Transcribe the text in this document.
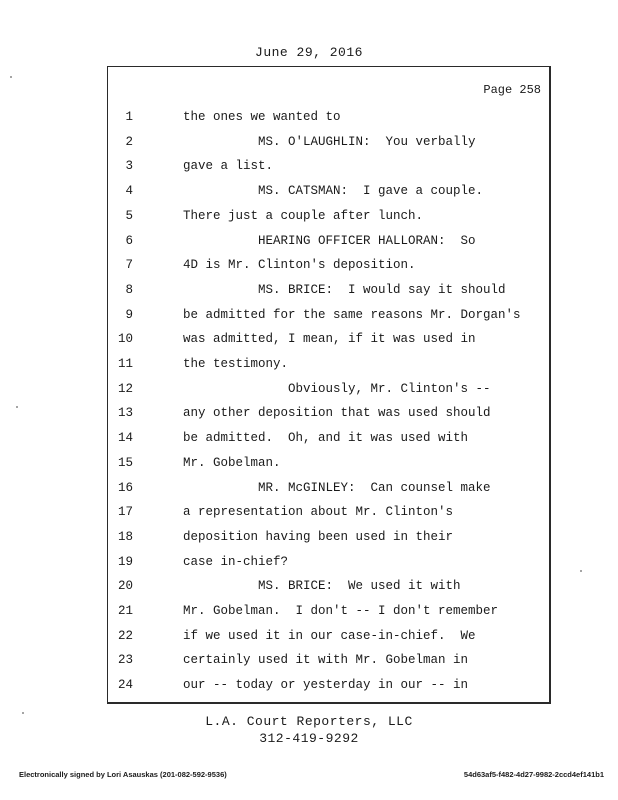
June 29, 2016
Page 258
1	the ones we wanted to
2	MS. O'LAUGHLIN:  You verbally
3	gave a list.
4	MS. CATSMAN:  I gave a couple.
5	There just a couple after lunch.
6	HEARING OFFICER HALLORAN:  So
7	4D is Mr. Clinton's deposition.
8	MS. BRICE:  I would say it should
9	be admitted for the same reasons Mr. Dorgan's
10	was admitted, I mean, if it was used in
11	the testimony.
12	Obviously, Mr. Clinton's --
13	any other deposition that was used should
14	be admitted.  Oh, and it was used with
15	Mr. Gobelman.
16	MR. McGINLEY:  Can counsel make
17	a representation about Mr. Clinton's
18	deposition having been used in their
19	case in-chief?
20	MS. BRICE:  We used it with
21	Mr. Gobelman.  I don't -- I don't remember
22	if we used it in our case-in-chief.  We
23	certainly used it with Mr. Gobelman in
24	our -- today or yesterday in our -- in
L.A. Court Reporters, LLC
312-419-9292
Electronically signed by Lori Asauskas (201-082-592-9536)	54d63af5-f482-4d27-9982-2ccd4ef141b1
